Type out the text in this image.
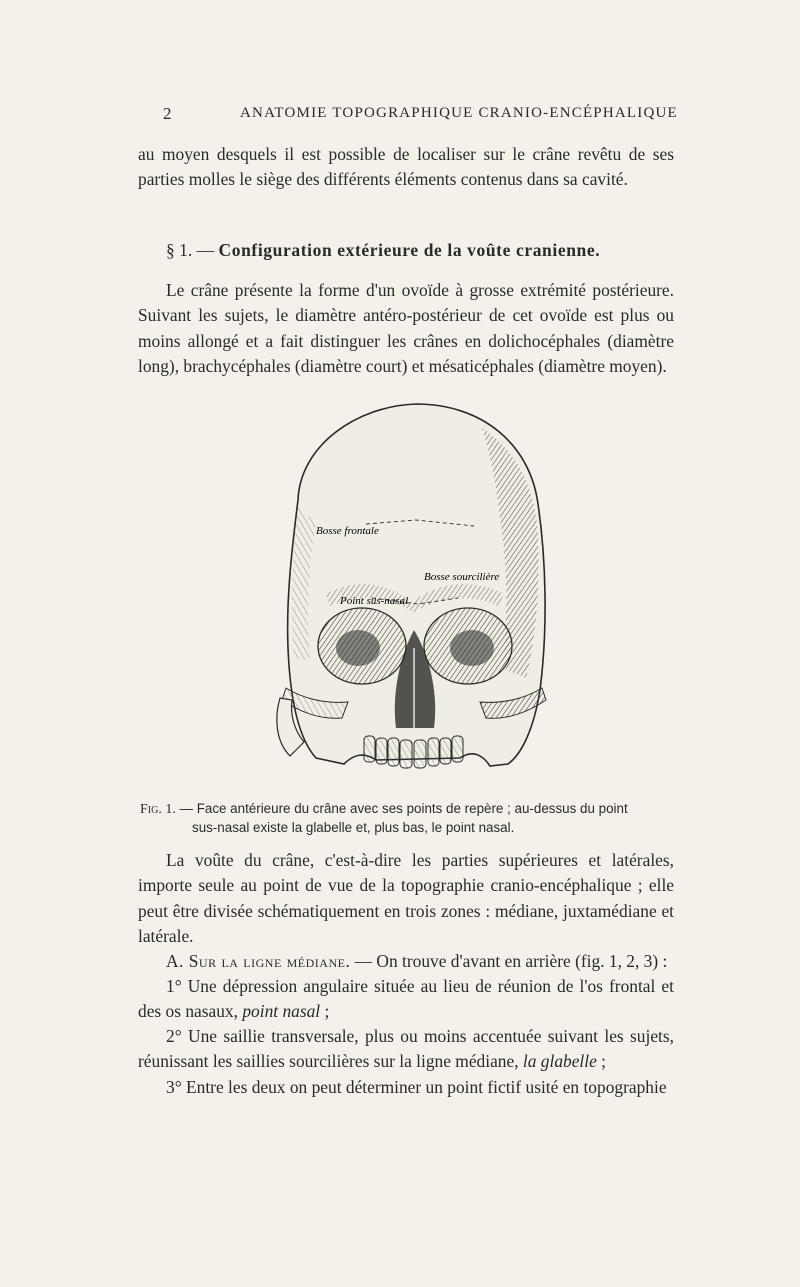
2	ANATOMIE TOPOGRAPHIQUE CRANIO-ENCÉPHALIQUE

au moyen desquels il est possible de localiser sur le crâne revêtu de ses parties molles le siège des différents éléments contenus dans sa cavité.

§ 1. — Configuration extérieure de la voûte cranienne.

Le crâne présente la forme d'un ovoïde à grosse extrémité postérieure. Suivant les sujets, le diamètre antéro-postérieur de cet ovoïde est plus ou moins allongé et a fait distinguer les crânes en dolichocéphales (diamètre long), brachycéphales (diamètre court) et mésaticéphales (diamètre moyen).

Bosse frontale
Bosse sourcilière
Point sus-nasal

Fig. 1. — Face antérieure du crâne avec ses points de repère ; au-dessus du point
sus-nasal existe la glabelle et, plus bas, le point nasal.

La voûte du crâne, c'est-à-dire les parties supérieures et latérales, importe seule au point de vue de la topographie cranio-encéphalique ; elle peut être divisée schématiquement en trois zones : médiane, juxtamédiane et latérale.

A. Sur la ligne médiane. — On trouve d'avant en arrière (fig. 1, 2, 3) :

1° Une dépression angulaire située au lieu de réunion de l'os frontal et des os nasaux, point nasal ;

2° Une saillie transversale, plus ou moins accentuée suivant les sujets, réunissant les saillies sourcilières sur la ligne médiane, la glabelle ;

3° Entre les deux on peut déterminer un point fictif usité en topographie
